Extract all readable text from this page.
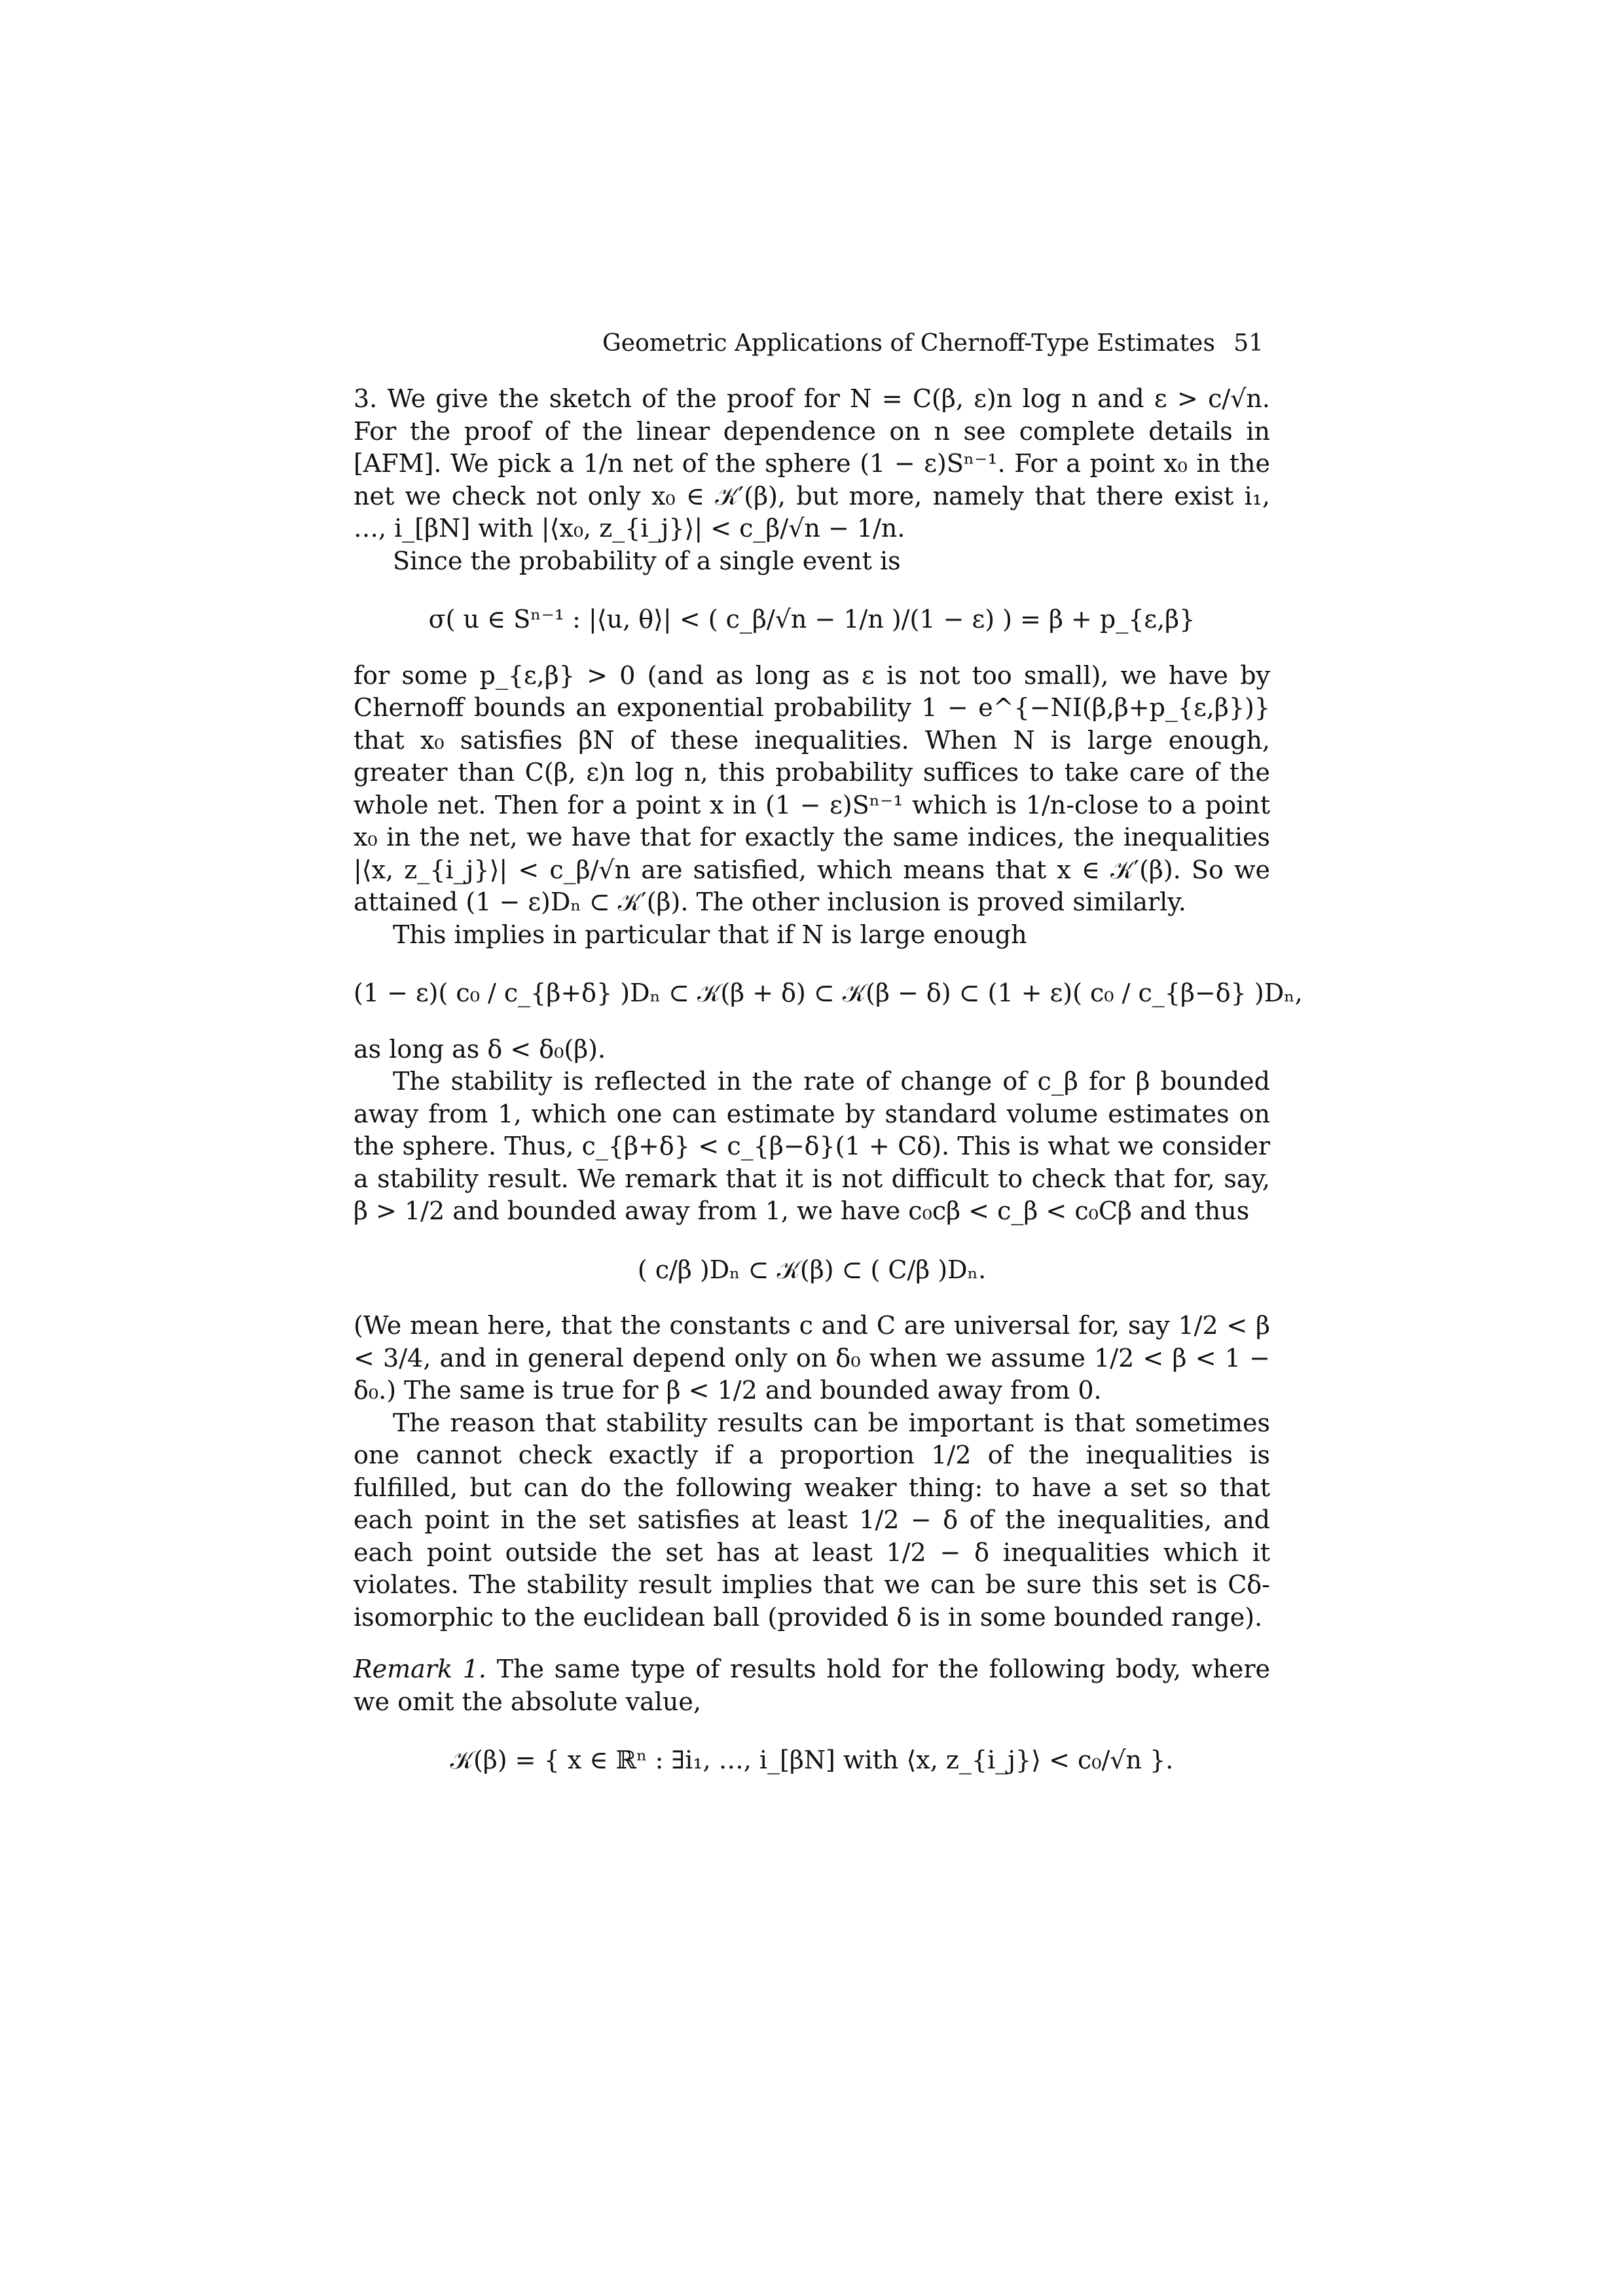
Geometric Applications of Chernoff-Type Estimates 51

3. We give the sketch of the proof for N = C(β, ε)n log n and ε > c/√n. For the proof of the linear dependence on n see complete details in [AFM]. We pick a 1/n net of the sphere (1 − ε)Sⁿ⁻¹. For a point x₀ in the net we check not only x₀ ∈ 𝒦′(β), but more, namely that there exist i₁, …, i_[βN] with |⟨x₀, z_{i_j}⟩| < c_β/√n − 1/n.

Since the probability of a single event is

σ( u ∈ Sⁿ⁻¹ : |⟨u, θ⟩| < ( c_β/√n − 1/n )/(1 − ε) ) = β + p_{ε,β}

for some p_{ε,β} > 0 (and as long as ε is not too small), we have by Chernoff bounds an exponential probability 1 − e^{−NI(β,β+p_{ε,β})} that x₀ satisfies βN of these inequalities. When N is large enough, greater than C(β, ε)n log n, this probability suffices to take care of the whole net. Then for a point x in (1 − ε)Sⁿ⁻¹ which is 1/n-close to a point x₀ in the net, we have that for exactly the same indices, the inequalities |⟨x, z_{i_j}⟩| < c_β/√n are satisfied, which means that x ∈ 𝒦′(β). So we attained (1 − ε)Dₙ ⊂ 𝒦′(β). The other inclusion is proved similarly.

This implies in particular that if N is large enough

(1 − ε)( c₀ / c_{β+δ} )Dₙ ⊂ 𝒦(β + δ) ⊂ 𝒦(β − δ) ⊂ (1 + ε)( c₀ / c_{β−δ} )Dₙ,

as long as δ < δ₀(β).

The stability is reflected in the rate of change of c_β for β bounded away from 1, which one can estimate by standard volume estimates on the sphere. Thus, c_{β+δ} < c_{β−δ}(1 + Cδ). This is what we consider a stability result. We remark that it is not difficult to check that for, say, β > 1/2 and bounded away from 1, we have c₀cβ < c_β < c₀Cβ and thus

( c/β )Dₙ ⊂ 𝒦(β) ⊂ ( C/β )Dₙ.

(We mean here, that the constants c and C are universal for, say 1/2 < β < 3/4, and in general depend only on δ₀ when we assume 1/2 < β < 1 − δ₀.) The same is true for β < 1/2 and bounded away from 0.

The reason that stability results can be important is that sometimes one cannot check exactly if a proportion 1/2 of the inequalities is fulfilled, but can do the following weaker thing: to have a set so that each point in the set satisfies at least 1/2 − δ of the inequalities, and each point outside the set has at least 1/2 − δ inequalities which it violates. The stability result implies that we can be sure this set is Cδ-isomorphic to the euclidean ball (provided δ is in some bounded range).

Remark 1. The same type of results hold for the following body, where we omit the absolute value,

𝒦(β) = { x ∈ ℝⁿ : ∃i₁, …, i_[βN] with ⟨x, z_{i_j}⟩ < c₀/√n }.
